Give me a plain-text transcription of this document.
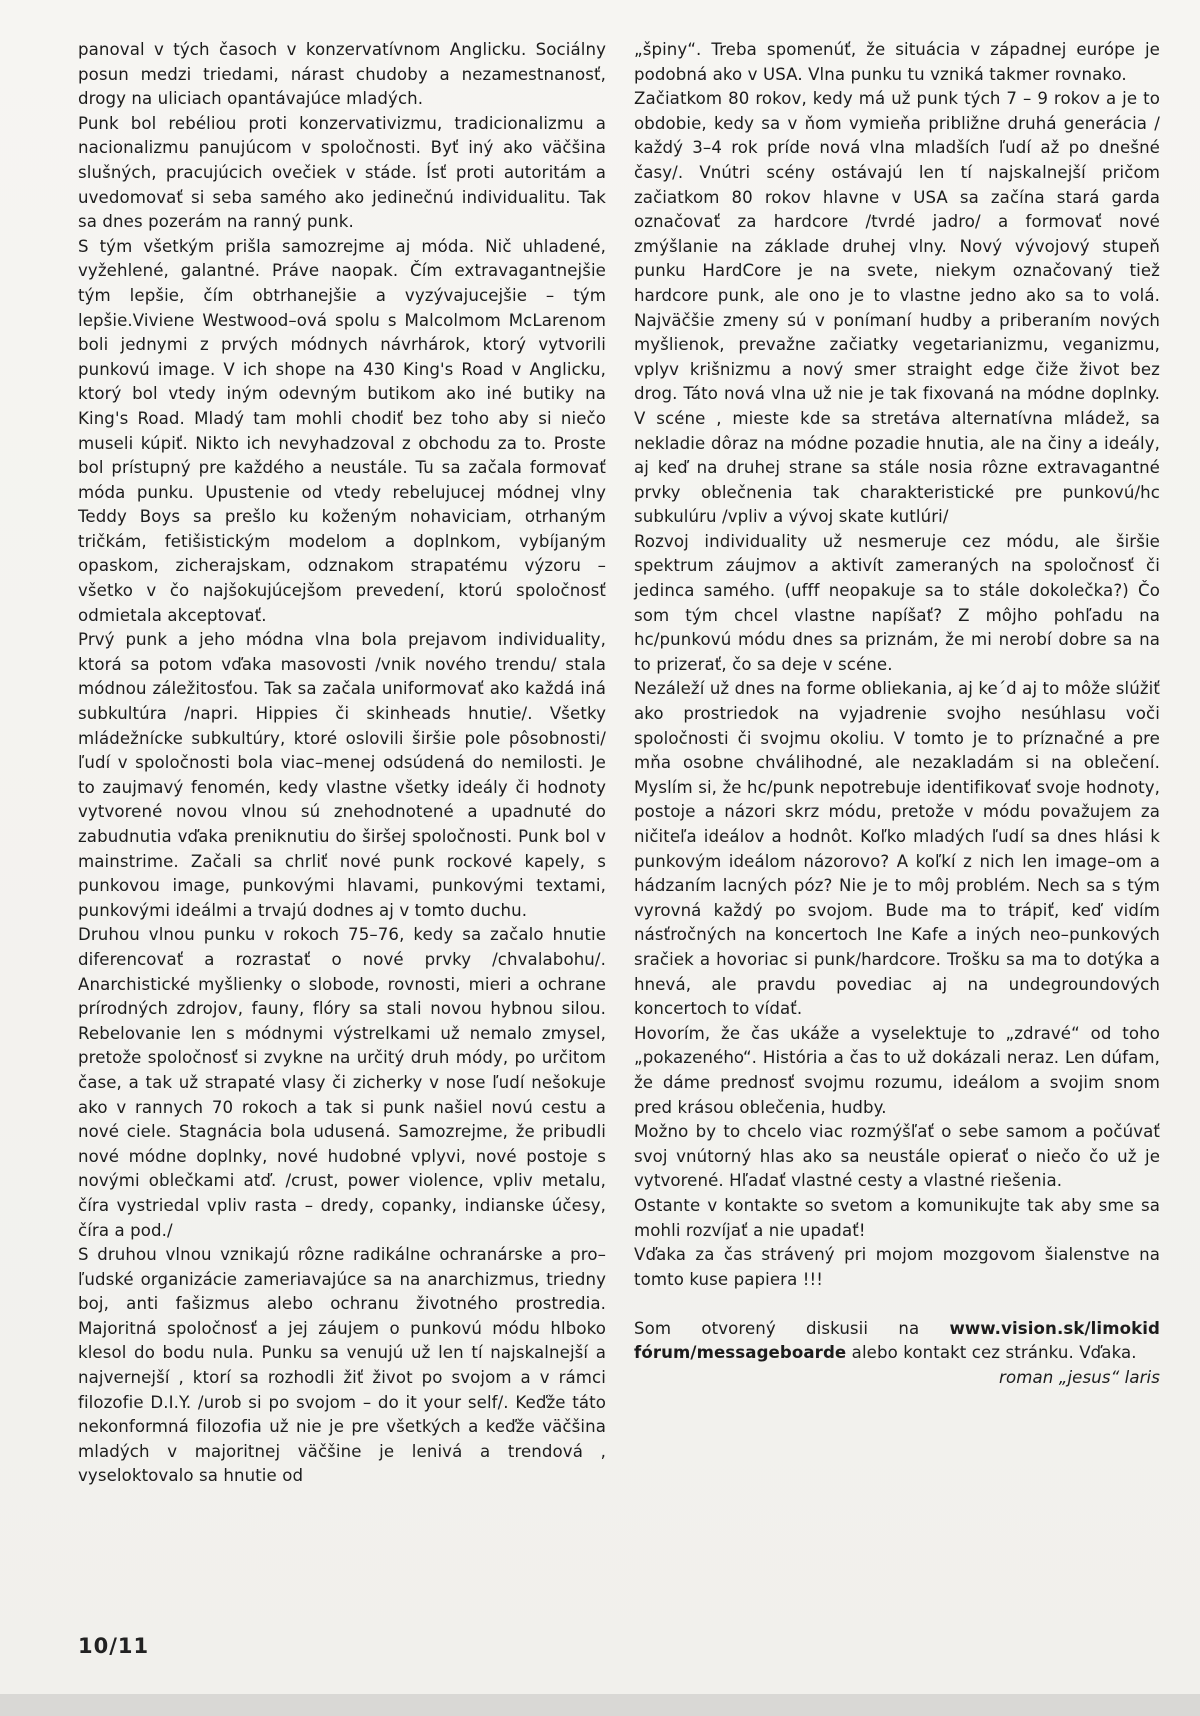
panoval v tých časoch v konzervatívnom Anglicku. Sociálny posun medzi triedami, nárast chudoby a nezamestnanosť, drogy na uliciach opantávajúce mladých.

Punk bol rebéliou proti konzervativizmu, tradicionalizmu a nacionalizmu panujúcom v spoločnosti. Byť iný ako väčšina slušných, pracujúcich ovečiek v stáde. Ísť proti autoritám a uvedomovať si seba samého ako jedinečnú individualitu. Tak sa dnes pozerám na ranný punk.

S tým všetkým prišla samozrejme aj móda. Nič uhladené, vyžehlené, galantné. Práve naopak. Čím extravagantnejšie tým lepšie, čím obtrhanejšie a vyzývajucejšie – tým lepšie.Viviene Westwood–ová spolu s Malcolmom McLarenom boli jednymi z prvých módnych návrhárok, ktorý vytvorili punkovú image. V ich shope na 430 King's Road v Anglicku, ktorý bol vtedy iným odevným butikom ako iné butiky na King's Road. Mladý tam mohli chodiť bez toho aby si niečo museli kúpiť. Nikto ich nevyhadzoval z obchodu za to. Proste bol prístupný pre každého a neustále. Tu sa začala formovať móda punku. Upustenie od vtedy rebelujucej módnej vlny Teddy Boys sa prešlo ku koženým nohaviciam, otrhaným tričkám, fetišistickým modelom a doplnkom, vybíjaným opaskom, zicherajskam, odznakom strapatému výzoru – všetko v čo najšokujúcejšom prevedení, ktorú spoločnosť odmietala akceptovať.

Prvý punk a jeho módna vlna bola prejavom individuality, ktorá sa potom vďaka masovosti /vnik nového trendu/ stala módnou záležitosťou. Tak sa začala uniformovať ako každá iná subkultúra /napri. Hippies či skinheads hnutie/. Všetky mládežnícke subkultúry, ktoré oslovili širšie pole pôsobnosti/ľudí v spoločnosti bola viac–menej odsúdená do nemilosti. Je to zaujmavý fenomén, kedy vlastne všetky ideály či hodnoty vytvorené novou vlnou sú znehodnotené a upadnuté do zabudnutia vďaka preniknutiu do širšej spoločnosti. Punk bol v mainstrime. Začali sa chrliť nové punk rockové kapely, s punkovou image, punkovými hlavami, punkovými textami, punkovými ideálmi a trvajú dodnes aj v tomto duchu.

Druhou vlnou punku v rokoch 75–76, kedy sa začalo hnutie diferencovať a rozrastať o nové prvky /chvalabohu/. Anarchistické myšlienky o slobode, rovnosti, mieri a ochrane prírodných zdrojov, fauny, flóry sa stali novou hybnou silou. Rebelovanie len s módnymi výstrelkami už nemalo zmysel, pretože spoločnosť si zvykne na určitý druh módy, po určitom čase, a tak už strapaté vlasy či zicherky v nose ľudí nešokuje ako v rannych 70 rokoch a tak si punk našiel novú cestu a nové ciele. Stagnácia bola udusená. Samozrejme, že pribudli nové módne doplnky, nové hudobné vplyvi, nové postoje s novými oblečkami atď. /crust, power violence, vpliv metalu, číra vystriedal vpliv rasta – dredy, copanky, indianske účesy, číra a pod./

S druhou vlnou vznikajú rôzne radikálne ochranárske a pro–ľudské organizácie zameriavajúce sa na anarchizmus, triedny boj, anti fašizmus alebo ochranu životného prostredia. Majoritná spoločnosť a jej záujem o punkovú módu hlboko klesol do bodu nula. Punku sa venujú už len tí najskalnejší a najvernejší , ktorí sa rozhodli žiť život po svojom a v rámci filozofie D.I.Y. /urob si po svojom – do it your self/. Keďže táto nekonformná filozofia už nie je pre všetkých a keďže väčšina mladých v majoritnej väčšine je lenivá a trendová , vyseloktovalo sa hnutie od

„špiny“. Treba spomenúť, že situácia v západnej európe je podobná ako v USA. Vlna punku tu vzniká takmer rovnako.

Začiatkom 80 rokov, kedy má už punk tých 7 – 9 rokov a je to obdobie, kedy sa v ňom vymieňa približne druhá generácia / každý 3–4 rok príde nová vlna mladších ľudí až po dnešné časy/. Vnútri scény ostávajú len tí najskalnejší pričom začiatkom 80 rokov hlavne v USA sa začína stará garda označovať za hardcore /tvrdé jadro/ a formovať nové zmýšlanie na základe druhej vlny. Nový vývojový stupeň punku HardCore je na svete, niekym označovaný tiež hardcore punk, ale ono je to vlastne jedno ako sa to volá. Najväčšie zmeny sú v ponímaní hudby a priberaním nových myšlienok, prevažne začiatky vegetarianizmu, veganizmu, vplyv krišnizmu a nový smer straight edge čiže život bez drog. Táto nová vlna už nie je tak fixovaná na módne doplnky. V scéne , mieste kde sa stretáva alternatívna mládež, sa nekladie dôraz na módne pozadie hnutia, ale na činy a ideály, aj keď na druhej strane sa stále nosia rôzne extravagantné prvky oblečnenia tak charakteristické pre punkovú/hc subkulúru /vpliv a vývoj skate kutlúri/

Rozvoj individuality už nesmeruje cez módu, ale širšie spektrum záujmov a aktivít zameraných na spoločnosť či jedinca samého. (ufff neopakuje sa to stále dokolečka?) Čo som tým chcel vlastne napíšať? Z môjho pohľadu na hc/punkovú módu dnes sa priznám, že mi nerobí dobre sa na to prizerať, čo sa deje v scéne.

Nezáleží už dnes na forme obliekania, aj ke´d aj to môže slúžiť ako prostriedok na vyjadrenie svojho nesúhlasu voči spoločnosti či svojmu okoliu. V tomto je to príznačné a pre mňa osobne chválihodné, ale nezakladám si na oblečení. Myslím si, že hc/punk nepotrebuje identifikovať svoje hodnoty, postoje a názori skrz módu, pretože v módu považujem za ničiteľa ideálov a hodnôt. Koľko mladých ľudí sa dnes hlási k punkovým ideálom názorovo? A koľkí z nich len image–om a hádzaním lacných póz? Nie je to môj problém. Nech sa s tým vyrovná každý po svojom. Bude ma to trápiť, keď vidím násťročných na koncertoch Ine Kafe a iných neo–punkových sračiek a hovoriac si punk/hardcore. Trošku sa ma to dotýka a hnevá, ale pravdu povediac aj na undegroundových koncertoch to vídať.

Hovorím, že čas ukáže a vyselektuje to „zdravé“ od toho „pokazeného“. História a čas to už dokázali neraz. Len dúfam, že dáme prednosť svojmu rozumu, ideálom a svojim snom pred krásou oblečenia, hudby.

Možno by to chcelo viac rozmýšľať o sebe samom a počúvať svoj vnútorný hlas ako sa neustále opierať o niečo čo už je vytvorené. Hľadať vlastné cesty a vlastné riešenia.

Ostante v kontakte so svetom a komunikujte tak aby sme sa mohli rozvíjať a nie upadať!

Vďaka za čas strávený pri mojom mozgovom šialenstve na tomto kuse papiera !!!

Som otvorený diskusii na www.vision.sk/limokid fórum/messageboarde alebo kontakt cez stránku. Vďaka.

roman „jesus“ laris

10/11
